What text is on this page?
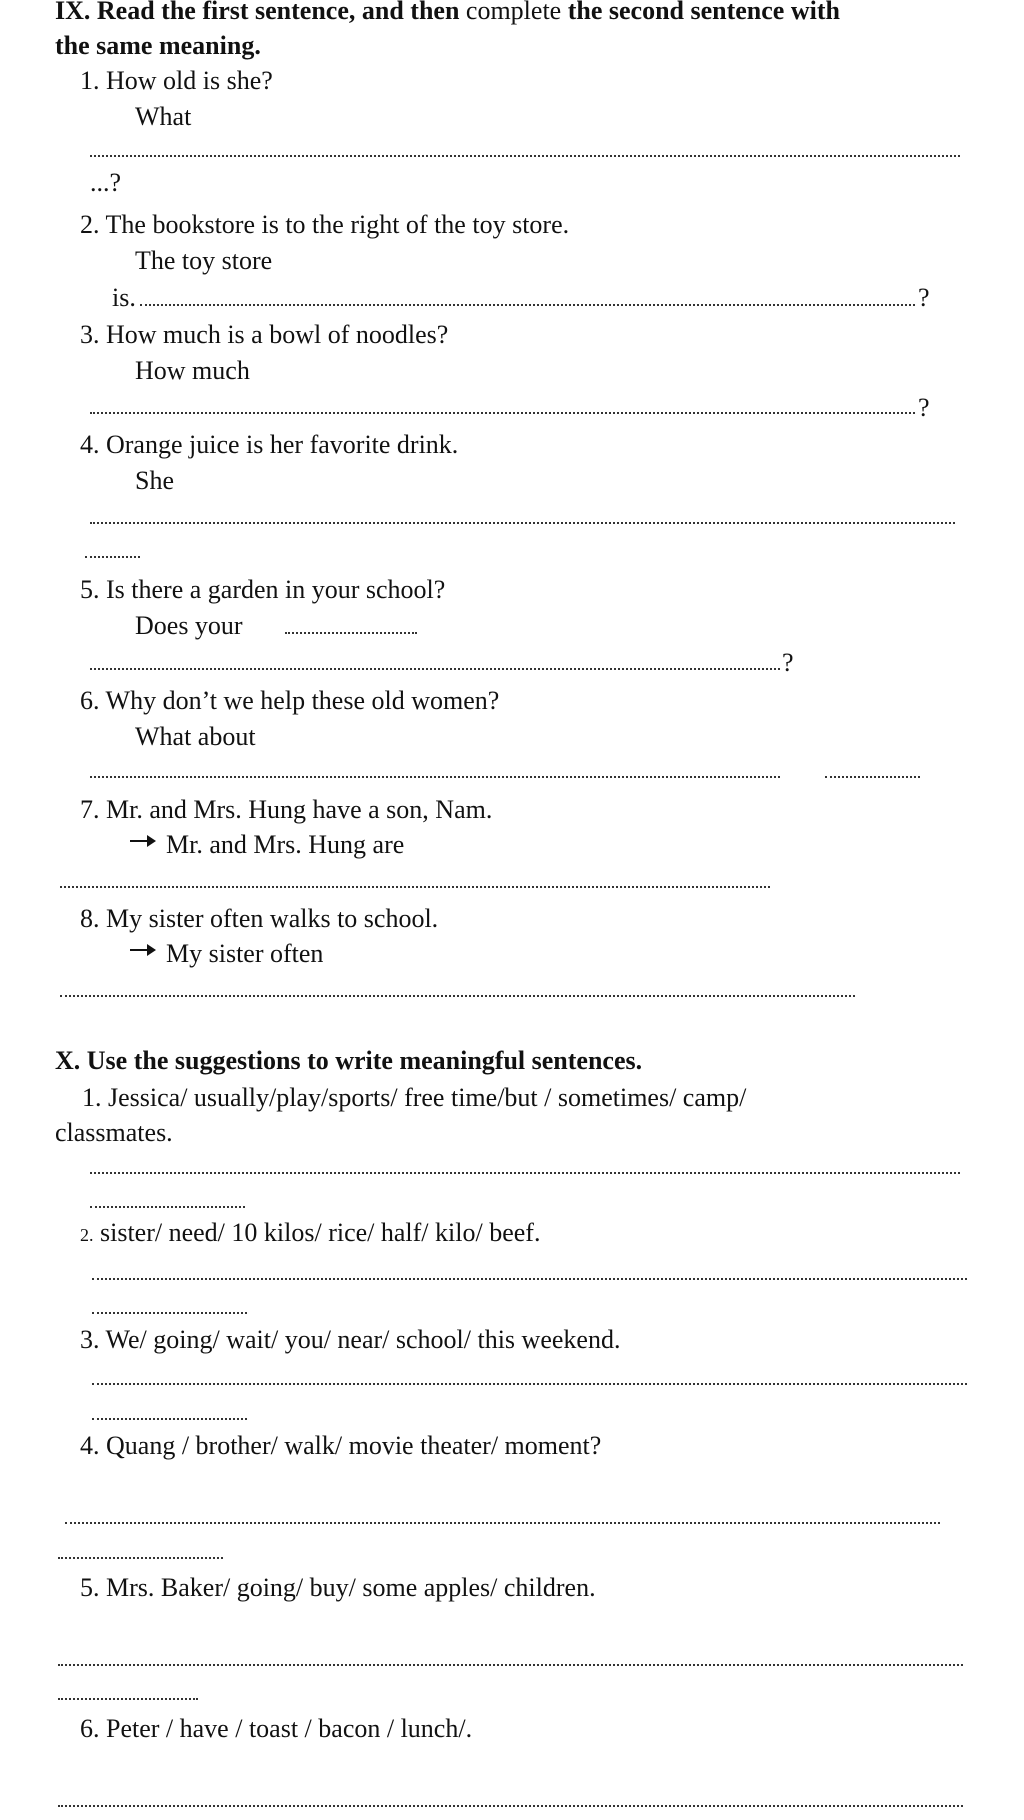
IX. Read the first sentence, and then complete the second sentence with
the same meaning.
1. How old is she?
What
...?
2. The bookstore is to the right of the toy store.
The toy store
is.	?
3. How much is a bowl of noodles?
How much
?
4. Orange juice is her favorite drink.
She
5. Is there a garden in your school?
Does your
?
6. Why don’t we help these old women?
What about
7. Mr. and Mrs. Hung have a son, Nam.
Mr. and Mrs. Hung are
8. My sister often walks to school.
My sister often
X. Use the suggestions to write meaningful sentences.
1. Jessica/ usually/play/sports/ free time/but / sometimes/ camp/
classmates.
2. sister/ need/ 10 kilos/ rice/ half/ kilo/ beef.
3. We/ going/ wait/ you/ near/ school/ this weekend.
4. Quang / brother/ walk/ movie theater/ moment?
5. Mrs. Baker/ going/ buy/ some apples/ children.
6. Peter / have / toast / bacon / lunch/.
